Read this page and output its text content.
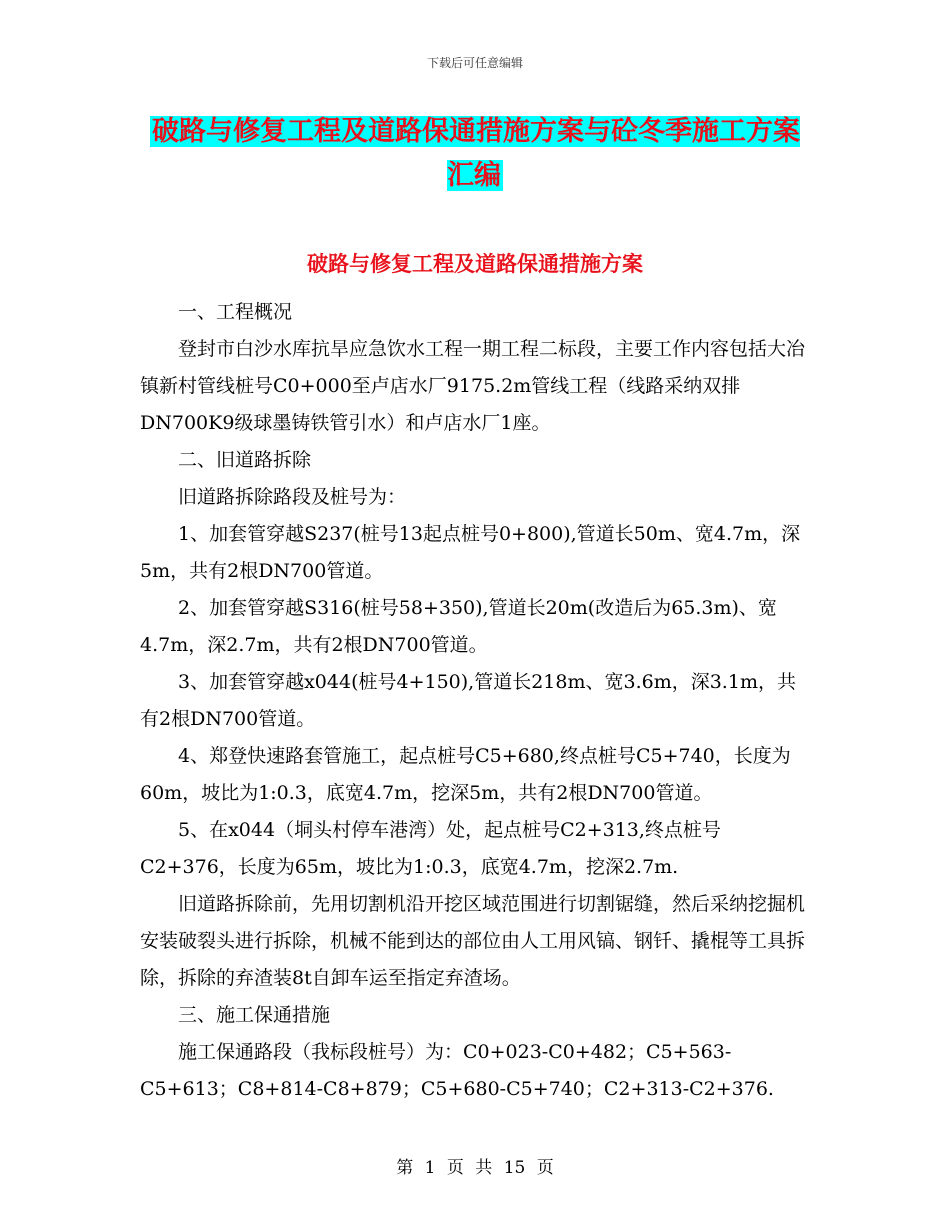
下载后可任意编辑
破路与修复工程及道路保通措施方案与砼冬季施工方案汇编
破路与修复工程及道路保通措施方案

一、工程概况

登封市白沙水库抗旱应急饮水工程一期工程二标段，主要工作内容包括大冶镇新村管线桩号C0+000至卢店水厂9175.2m管线工程（线路采纳双排DN700K9级球墨铸铁管引水）和卢店水厂1座。

二、旧道路拆除

旧道路拆除路段及桩号为：

1、加套管穿越S237(桩号13起点桩号0+800),管道长50m、宽4.7m，深5m，共有2根DN700管道。

2、加套管穿越S316(桩号58+350),管道长20m(改造后为65.3m)、宽4.7m，深2.7m，共有2根DN700管道。

3、加套管穿越x044(桩号4+150),管道长218m、宽3.6m，深3.1m，共有2根DN700管道。

4、郑登快速路套管施工，起点桩号C5+680,终点桩号C5+740，长度为60m，坡比为1:0.3，底宽4.7m，挖深5m，共有2根DN700管道。

5、在x044（垌头村停车港湾）处，起点桩号C2+313,终点桩号C2+376，长度为65m，坡比为1:0.3，底宽4.7m，挖深2.7m.

旧道路拆除前，先用切割机沿开挖区域范围进行切割锯缝，然后采纳挖掘机安装破裂头进行拆除，机械不能到达的部位由人工用风镐、钢钎、撬棍等工具拆除，拆除的弃渣装8t自卸车运至指定弃渣场。

三、施工保通措施

施工保通路段（我标段桩号）为：C0+023-C0+482；C5+563-C5+613；C8+814-C8+879；C5+680-C5+740；C2+313-C2+376.

第 1 页 共 15 页
